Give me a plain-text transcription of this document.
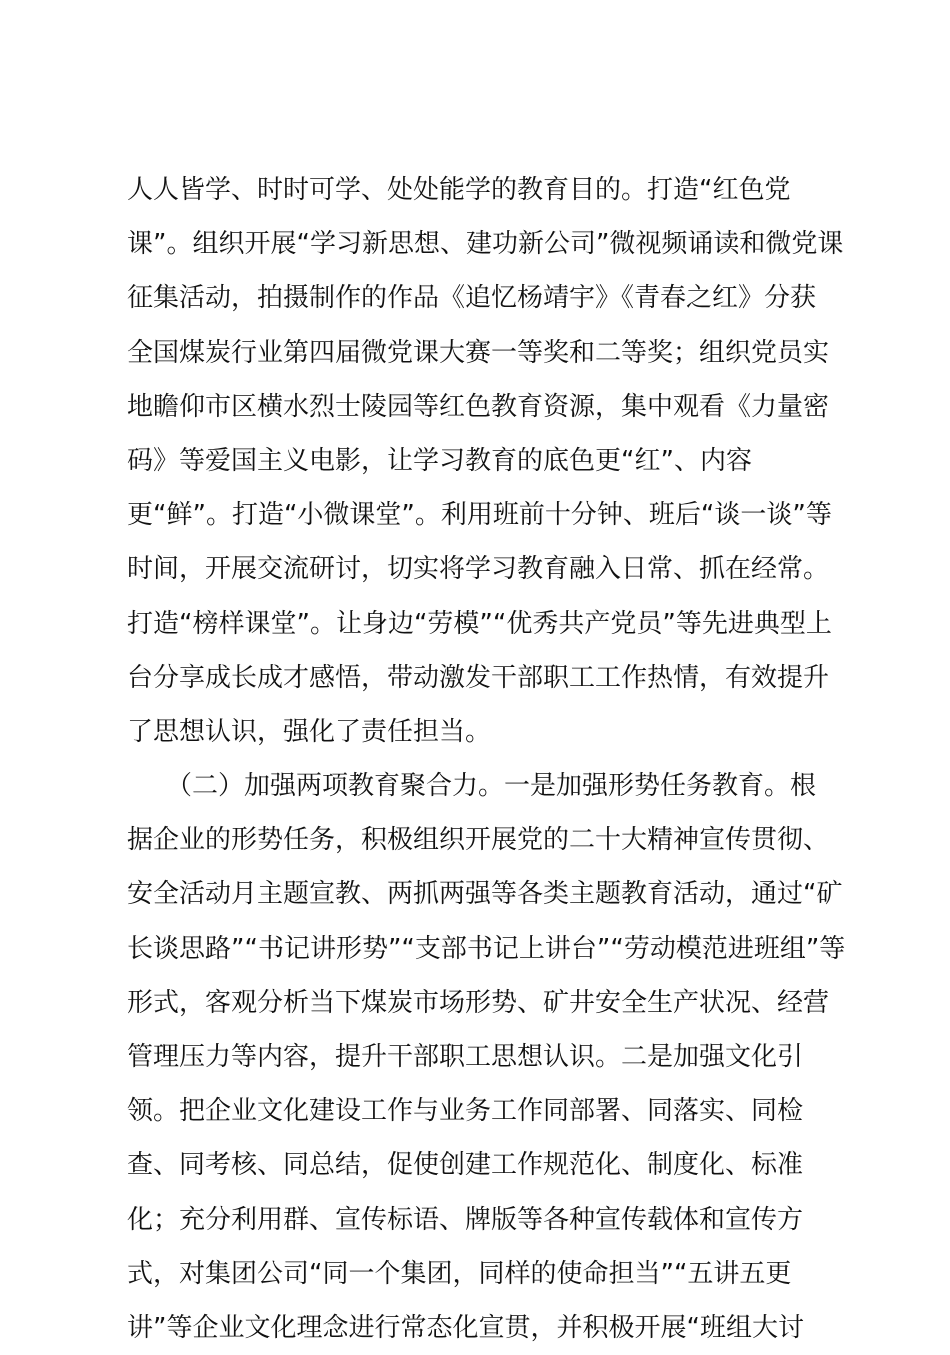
人人皆学、时时可学、处处能学的教育目的。打造“红色党
课”。组织开展“学习新思想、建功新公司”微视频诵读和微党课
征集活动，拍摄制作的作品《追忆杨靖宇》《青春之红》分获
全国煤炭行业第四届微党课大赛一等奖和二等奖；组织党员实
地瞻仰市区横水烈士陵园等红色教育资源，集中观看《力量密
码》等爱国主义电影，让学习教育的底色更“红”、内容
更“鲜”。打造“小微课堂”。利用班前十分钟、班后“谈一谈”等
时间，开展交流研讨，切实将学习教育融入日常、抓在经常。
打造“榜样课堂”。让身边“劳模”“优秀共产党员”等先进典型上
台分享成长成才感悟，带动激发干部职工工作热情，有效提升
了思想认识，强化了责任担当。
　　（二）加强两项教育聚合力。一是加强形势任务教育。根
据企业的形势任务，积极组织开展党的二十大精神宣传贯彻、
安全活动月主题宣教、两抓两强等各类主题教育活动，通过“矿
长谈思路”“书记讲形势”“支部书记上讲台”“劳动模范进班组”等
形式，客观分析当下煤炭市场形势、矿井安全生产状况、经营
管理压力等内容，提升干部职工思想认识。二是加强文化引
领。把企业文化建设工作与业务工作同部署、同落实、同检
查、同考核、同总结，促使创建工作规范化、制度化、标准
化；充分利用群、宣传标语、牌版等各种宣传载体和宣传方
式，对集团公司“同一个集团，同样的使命担当”“五讲五更
讲”等企业文化理念进行常态化宣贯，并积极开展“班组大讨
